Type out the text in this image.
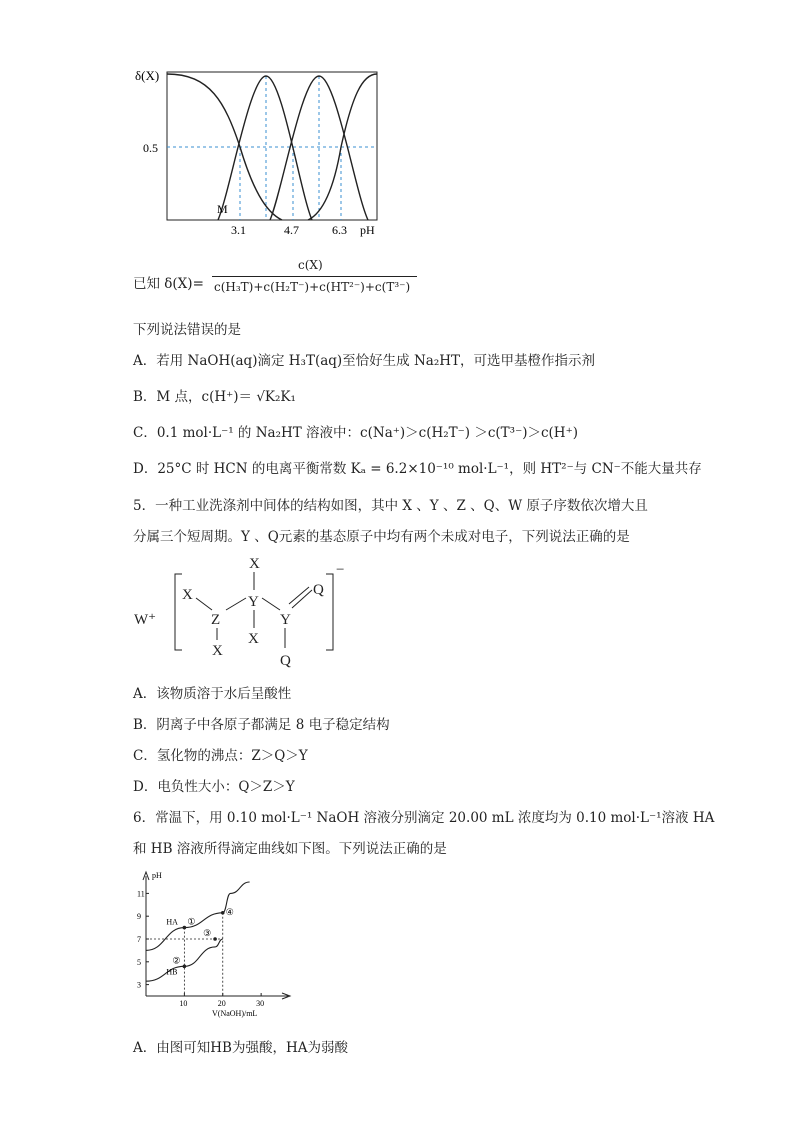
δ(X)
0.5
M
3.1	4.7	6.3 pH
已知 δ(X)=
c(X)
c(H₃T)+c(H₂T⁻)+c(HT²⁻)+c(T³⁻)
下列说法错误的是
A．若用 NaOH(aq)滴定 H₃T(aq)至恰好生成 Na₂HT，可选甲基橙作指示剂
B．M 点，c(H⁺)＝ √K₂K₁
C．0.1 mol·L⁻¹ 的 Na₂HT 溶液中：c(Na⁺)＞c(H₂T⁻) ＞c(T³⁻)＞c(H⁺)
D．25°C 时 HCN 的电离平衡常数 Kₐ = 6.2×10⁻¹⁰ mol·L⁻¹，则 HT²⁻与 CN⁻不能大量共存
5．一种工业洗涤剂中间体的结构如图，其中 X 、Y 、Z 、Q、W 原子序数依次增大且
分属三个短周期。Y 、Q元素的基态原子中均有两个未成对电子，下列说法正确的是
W⁺
−
X
X	Y
Q
Z	Y
X
X
Q
A．该物质溶于水后呈酸性
B．阴离子中各原子都满足 8 电子稳定结构
C．氢化物的沸点：Z＞Q＞Y
D．电负性大小：Q＞Z＞Y
6．常温下，用 0.10 mol·L⁻¹ NaOH 溶液分别滴定 20.00 mL 浓度均为 0.10 mol·L⁻¹溶液 HA
和 HB 溶液所得滴定曲线如下图。下列说法正确的是
pH
V(NaOH)/mL
3
5
7
9
11
10	20	30
①
②
③
④
HA
HB
A．由图可知HB为强酸，HA为弱酸
